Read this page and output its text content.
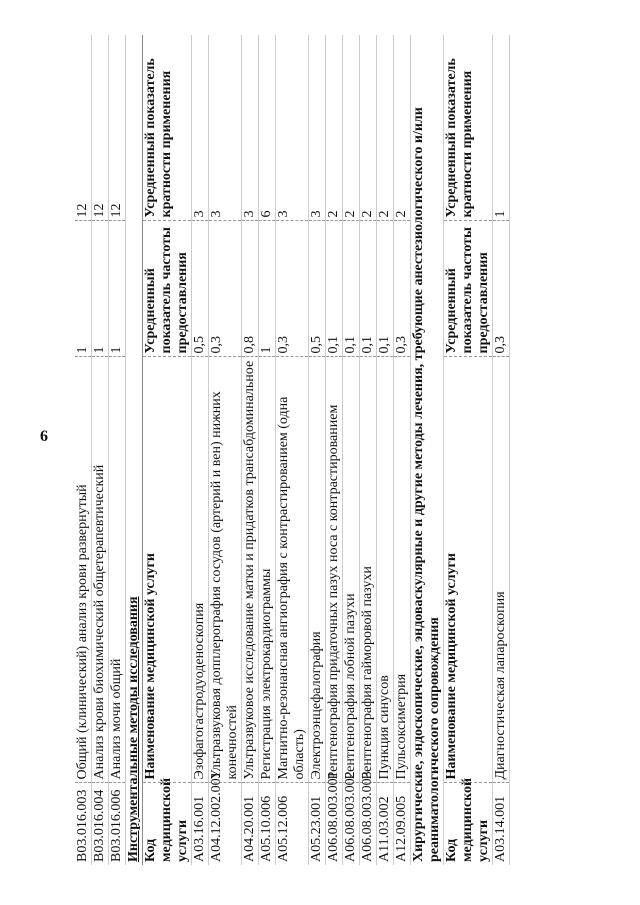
6
B03.016.003	Общий (клинический) анализ крови развернутый	1	12
B03.016.004	Анализ крови биохимический общетерапевтический	1	12
B03.016.006	Анализ мочи общий	1	12
Инструментальные методы исследования			
Код медицинской услуги	Наименование медицинской услуги	Усредненный показатель частоты предоставления	Усредненный показатель кратности применения
A03.16.001	Эзофагогастродуоденоскопия	0,5	3
A04.12.002.001	Ультразвуковая допплерография сосудов (артерий и вен) нижних конечностей	0,3	3
A04.20.001	Ультразвуковое исследование матки и придатков трансабдоминальное	0,8	3
A05.10.006	Регистрация электрокардиограммы	1	6
A05.12.006	Магнитно-резонансная ангиография с контрастированием (одна область)	0,3	3
A05.23.001	Электроэнцефалография	0,5	3
A06.08.003.001	Рентгенография придаточных пазух носа с контрастированием	0,1	2
A06.08.003.002	Рентгенография лобной пазухи	0,1	2
A06.08.003.003	Рентгенография гайморовой пазухи	0,1	2
A11.03.002	Пункция синусов	0,1	2
A12.09.005	Пульсоксиметрия	0,3	2
Хирургические, эндоскопические, эндоваскулярные и другие методы лечения, требующие анестезиологического и/или реаниматологического сопровождения			
Код медицинской услуги	Наименование медицинской услуги	Усредненный показатель частоты предоставления	Усредненный показатель кратности применения
A03.14.001	Диагностическая лапароскопия	0,3	1
